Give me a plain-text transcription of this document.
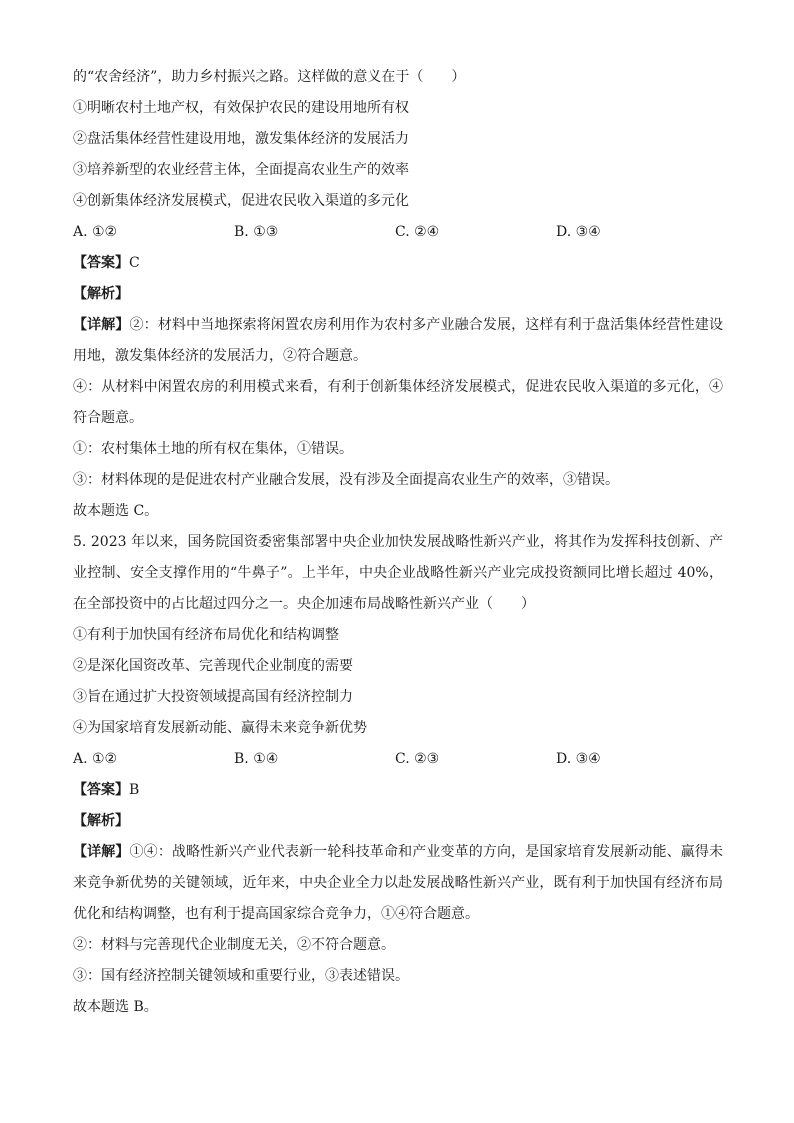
的“农舍经济”，助力乡村振兴之路。这样做的意义在于（　　）
①明晰农村土地产权，有效保护农民的建设用地所有权
②盘活集体经营性建设用地，激发集体经济的发展活力
③培养新型的农业经营主体，全面提高农业生产的效率
④创新集体经济发展模式，促进农民收入渠道的多元化
A. ①②	B. ①③	C. ②④	D. ③④
【答案】C
【解析】
【详解】②：材料中当地探索将闲置农房利用作为农村多产业融合发展，这样有利于盘活集体经营性建设用地，激发集体经济的发展活力，②符合题意。
④：从材料中闲置农房的利用模式来看，有利于创新集体经济发展模式，促进农民收入渠道的多元化，④符合题意。
①：农村集体土地的所有权在集体，①错误。
③：材料体现的是促进农村产业融合发展，没有涉及全面提高农业生产的效率，③错误。
故本题选 C。
5. 2023 年以来，国务院国资委密集部署中央企业加快发展战略性新兴产业，将其作为发挥科技创新、产业控制、安全支撑作用的“牛鼻子”。上半年，中央企业战略性新兴产业完成投资额同比增长超过 40%，在全部投资中的占比超过四分之一。央企加速布局战略性新兴产业（　　）
①有利于加快国有经济布局优化和结构调整
②是深化国资改革、完善现代企业制度的需要
③旨在通过扩大投资领域提高国有经济控制力
④为国家培育发展新动能、赢得未来竞争新优势
A. ①②	B. ①④	C. ②③	D. ③④
【答案】B
【解析】
【详解】①④：战略性新兴产业代表新一轮科技革命和产业变革的方向，是国家培育发展新动能、赢得未来竞争新优势的关键领域，近年来，中央企业全力以赴发展战略性新兴产业，既有利于加快国有经济布局优化和结构调整，也有利于提高国家综合竞争力，①④符合题意。
②：材料与完善现代企业制度无关，②不符合题意。
③：国有经济控制关键领域和重要行业，③表述错误。
故本题选 B。
